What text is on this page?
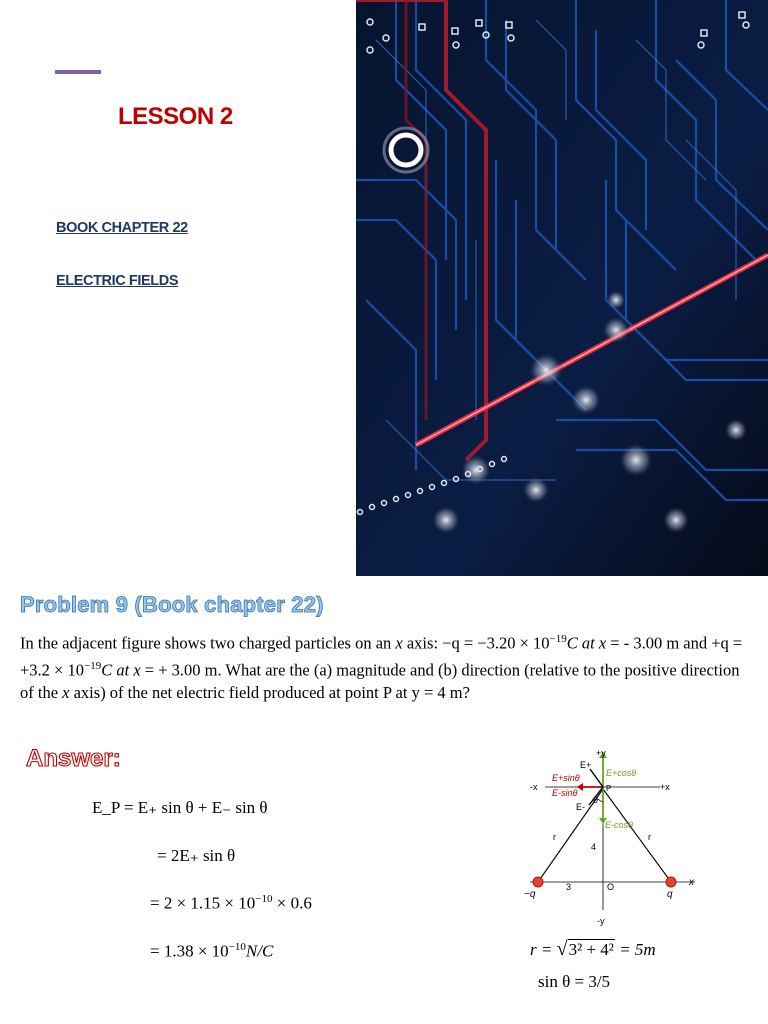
LESSON 2
BOOK CHAPTER 22
ELECTRIC FIELDS
Problem 9 (Book chapter 22)
In the adjacent figure shows two charged particles on an x axis: $-q = -3.20 \times 10^{-19}C$ at x = - 3.00 m and $+q = +3.2 \times 10^{-19}C$ at x = + 3.00 m. What are the (a) magnitude and (b) direction (relative to the positive direction of the x axis) of the net electric field produced at point P at y = 4 m?
Answer:
E_P = E₊ sin θ + E₋ sin θ
= 2E₊ sin θ
= $2 \times 1.15 \times 10^{-10} \times 0.6$
= $1.38 \times 10^{-10}N/C$
+y
-y
+x
-x
x
E+
E-
E+cosθ
E-cosθ
E+sinθ
E-sinθ	P
θ
r	r
4
3	O
−q	q
r = √3² + 4² = 5m
sin θ = 3/5
